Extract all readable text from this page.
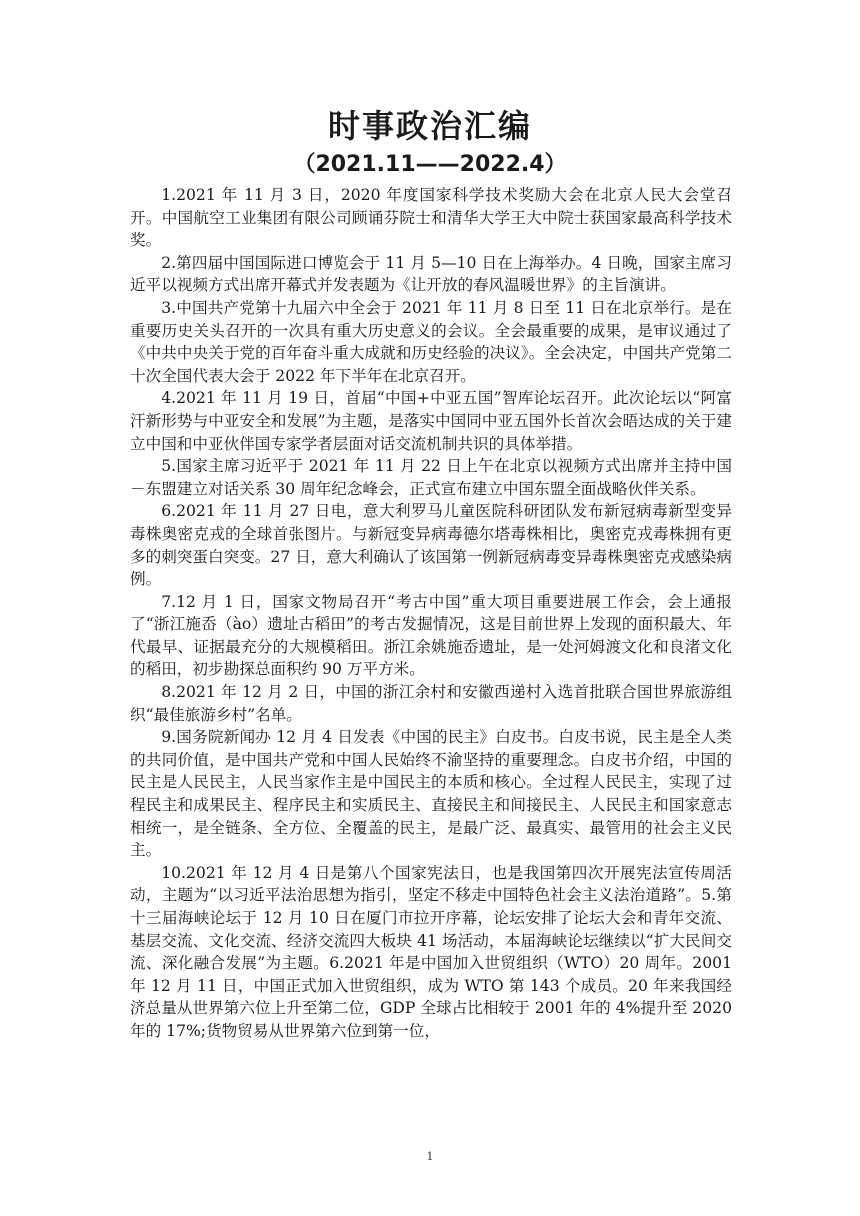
时事政治汇编
（2021.11——2022.4）

1.2021 年 11 月 3 日，2020 年度国家科学技术奖励大会在北京人民大会堂召开。中国航空工业集团有限公司顾诵芬院士和清华大学王大中院士获国家最高科学技术奖。

2.第四届中国国际进口博览会于 11 月 5—10 日在上海举办。4 日晚，国家主席习近平以视频方式出席开幕式并发表题为《让开放的春风温暖世界》的主旨演讲。

3.中国共产党第十九届六中全会于 2021 年 11 月 8 日至 11 日在北京举行。是在重要历史关头召开的一次具有重大历史意义的会议。全会最重要的成果，是审议通过了《中共中央关于党的百年奋斗重大成就和历史经验的决议》。全会决定，中国共产党第二十次全国代表大会于 2022 年下半年在北京召开。

4.2021 年 11 月 19 日，首届“中国+中亚五国”智库论坛召开。此次论坛以“阿富汗新形势与中亚安全和发展”为主题，是落实中国同中亚五国外长首次会晤达成的关于建立中国和中亚伙伴国专家学者层面对话交流机制共识的具体举措。

5.国家主席习近平于 2021 年 11 月 22 日上午在北京以视频方式出席并主持中国－东盟建立对话关系 30 周年纪念峰会，正式宣布建立中国东盟全面战略伙伴关系。

6.2021 年 11 月 27 日电，意大利罗马儿童医院科研团队发布新冠病毒新型变异毒株奥密克戎的全球首张图片。与新冠变异病毒德尔塔毒株相比，奥密克戎毒株拥有更多的刺突蛋白突变。27 日，意大利确认了该国第一例新冠病毒变异毒株奥密克戎感染病例。

7.12 月 1 日，国家文物局召开“考古中国”重大项目重要进展工作会，会上通报了“浙江施岙（ào）遗址古稻田”的考古发掘情况，这是目前世界上发现的面积最大、年代最早、证据最充分的大规模稻田。浙江余姚施岙遗址，是一处河姆渡文化和良渚文化的稻田，初步勘探总面积约 90 万平方米。

8.2021 年 12 月 2 日，中国的浙江余村和安徽西递村入选首批联合国世界旅游组织“最佳旅游乡村”名单。

9.国务院新闻办 12 月 4 日发表《中国的民主》白皮书。白皮书说，民主是全人类的共同价值，是中国共产党和中国人民始终不渝坚持的重要理念。白皮书介绍，中国的民主是人民民主，人民当家作主是中国民主的本质和核心。全过程人民民主，实现了过程民主和成果民主、程序民主和实质民主、直接民主和间接民主、人民民主和国家意志相统一，是全链条、全方位、全覆盖的民主，是最广泛、最真实、最管用的社会主义民主。

10.2021 年 12 月 4 日是第八个国家宪法日，也是我国第四次开展宪法宣传周活动，主题为“以习近平法治思想为指引，坚定不移走中国特色社会主义法治道路”。5.第十三届海峡论坛于 12 月 10 日在厦门市拉开序幕，论坛安排了论坛大会和青年交流、基层交流、文化交流、经济交流四大板块 41 场活动，本届海峡论坛继续以“扩大民间交流、深化融合发展”为主题。6.2021 年是中国加入世贸组织（WTO）20 周年。2001 年 12 月 11 日，中国正式加入世贸组织，成为 WTO 第 143 个成员。20 年来我国经济总量从世界第六位上升至第二位，GDP 全球占比相较于 2001 年的 4%提升至 2020 年的 17%;货物贸易从世界第六位到第一位，

1
